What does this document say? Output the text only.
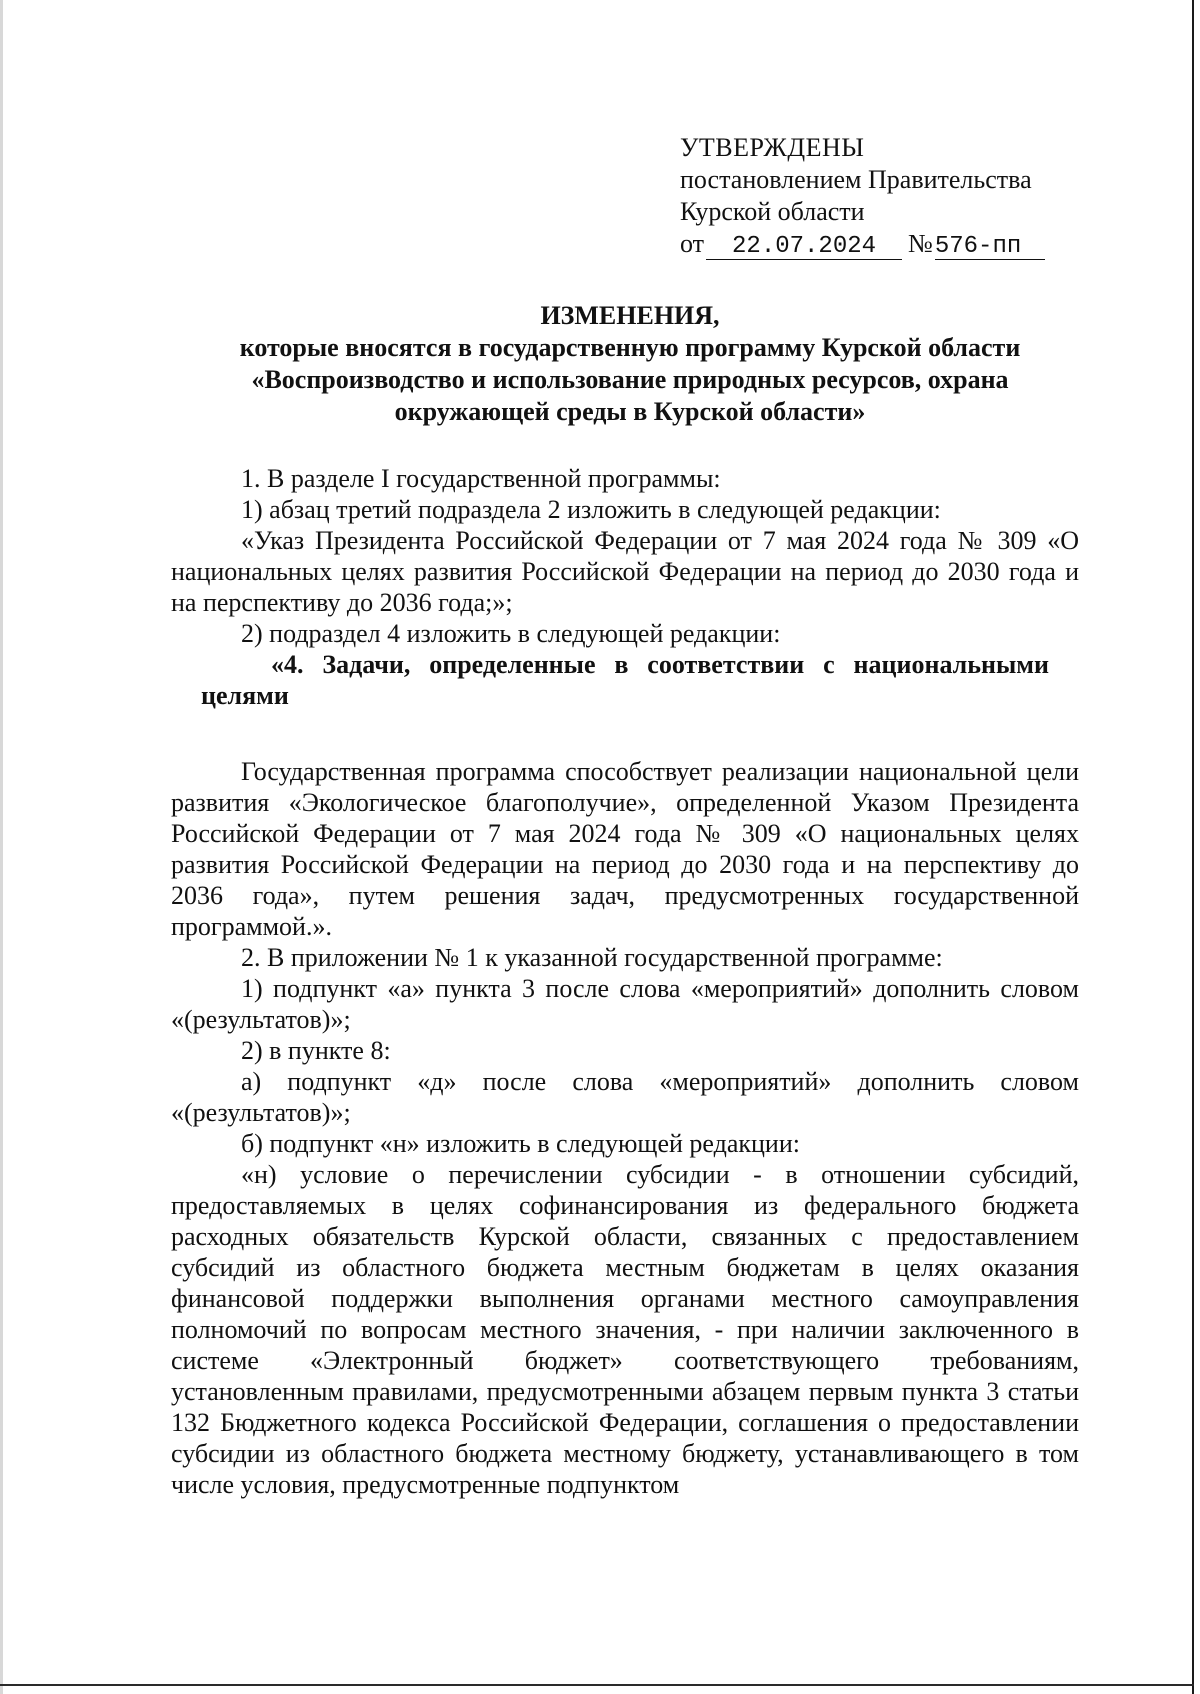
УТВЕРЖДЕНЫ
постановлением Правительства
Курской области
от	22.07.2024	№ 576-пп
ИЗМЕНЕНИЯ,
которые вносятся в государственную программу Курской области
«Воспроизводство и использование природных ресурсов, охрана окружающей среды в Курской области»

1. В разделе I государственной программы:

1) абзац третий подраздела 2 изложить в следующей редакции:

«Указ Президента Российской Федерации от 7 мая 2024 года № 309 «О национальных целях развития Российской Федерации на период до 2030 года и на перспективу до 2036 года;»;

2) подраздел 4 изложить в следующей редакции:

«4. Задачи, определенные в соответствии с национальными целями

Государственная программа способствует реализации национальной цели развития «Экологическое благополучие», определенной Указом Президента Российской Федерации от 7 мая 2024 года № 309 «О национальных целях развития Российской Федерации на период до 2030 года и на перспективу до 2036 года», путем решения задач, предусмотренных государственной программой.».

2. В приложении № 1 к указанной государственной программе:

1) подпункт «а» пункта 3 после слова «мероприятий» дополнить словом «(результатов)»;

2) в пункте 8:

а) подпункт «д» после слова «мероприятий» дополнить словом «(результатов)»;

б) подпункт «н» изложить в следующей редакции:

«н) условие о перечислении субсидии - в отношении субсидий, предоставляемых в целях софинансирования из федерального бюджета расходных обязательств Курской области, связанных с предоставлением субсидий из областного бюджета местным бюджетам в целях оказания финансовой поддержки выполнения органами местного самоуправления полномочий по вопросам местного значения, - при наличии заключенного в системе «Электронный бюджет» соответствующего требованиям, установленным правилами, предусмотренными абзацем первым пункта 3 статьи 132 Бюджетного кодекса Российской Федерации, соглашения о предоставлении субсидии из областного бюджета местному бюджету, устанавливающего в том числе условия, предусмотренные подпунктом
